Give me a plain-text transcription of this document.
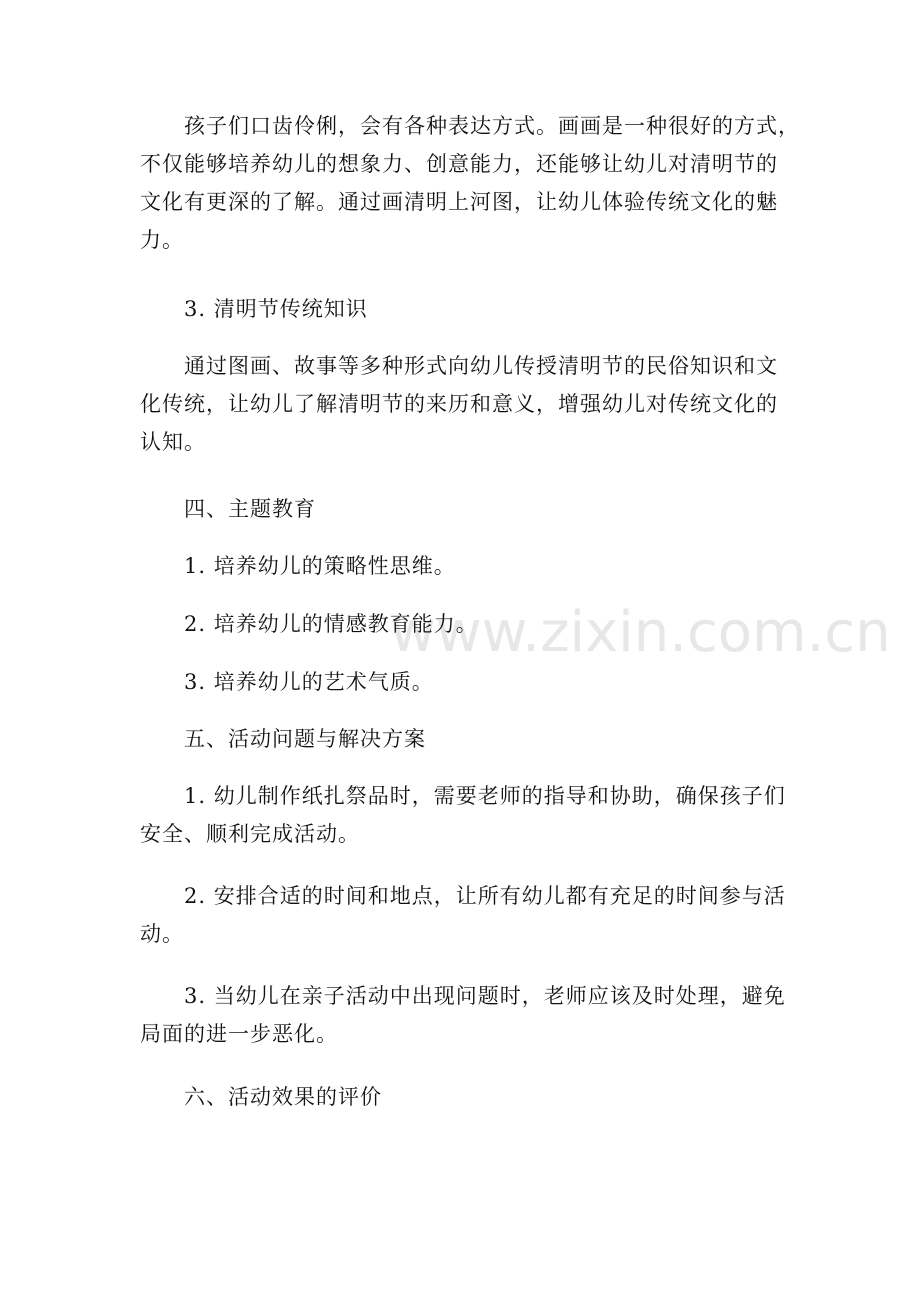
www.zixin.com.cn

孩子们口齿伶俐，会有各种表达方式。画画是一种很好的方式，
不仅能够培养幼儿的想象力、创意能力，还能够让幼儿对清明节的
文化有更深的了解。通过画清明上河图，让幼儿体验传统文化的魅
力。

3. 清明节传统知识

通过图画、故事等多种形式向幼儿传授清明节的民俗知识和文
化传统，让幼儿了解清明节的来历和意义，增强幼儿对传统文化的
认知。

四、主题教育

1. 培养幼儿的策略性思维。

2. 培养幼儿的情感教育能力。

3. 培养幼儿的艺术气质。

五、活动问题与解决方案

1. 幼儿制作纸扎祭品时，需要老师的指导和协助，确保孩子们
安全、顺利完成活动。

2. 安排合适的时间和地点，让所有幼儿都有充足的时间参与活
动。

3. 当幼儿在亲子活动中出现问题时，老师应该及时处理，避免
局面的进一步恶化。

六、活动效果的评价
